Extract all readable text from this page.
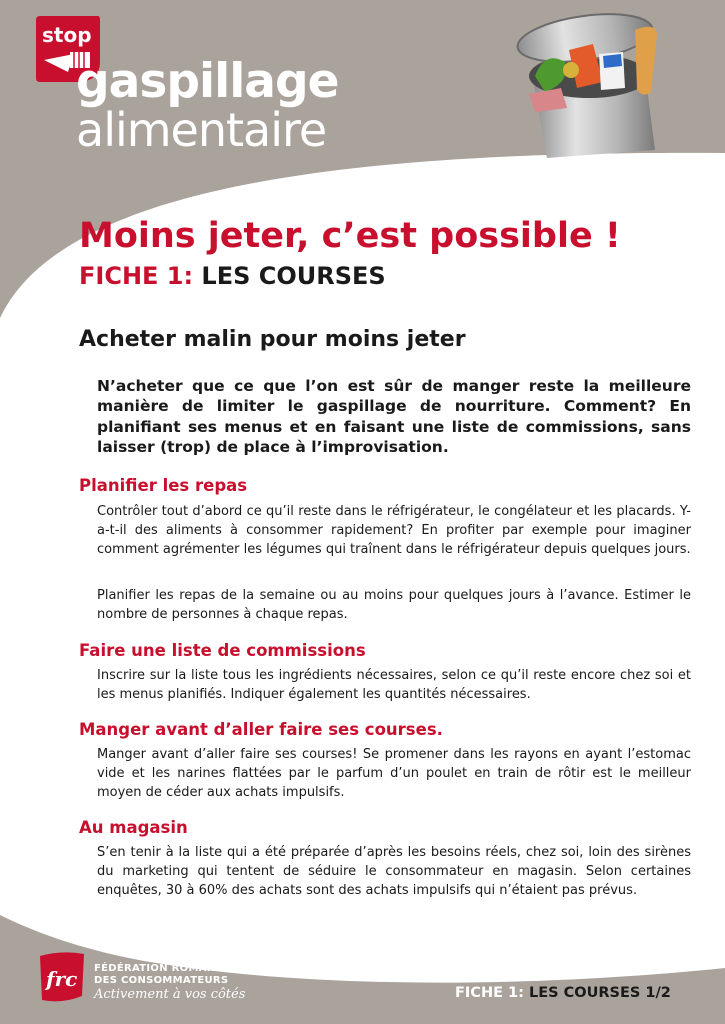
stop
gaspillage
alimentaire
Moins jeter, c’est possible !
FICHE 1: LES COURSES
Acheter malin pour moins jeter

N’acheter que ce que l’on est sûr de manger reste la meilleure manière de limiter le gaspillage de nourriture. Comment? En planifiant ses menus et en faisant une liste de commissions, sans laisser (trop) de place à l’improvisation.

Planifier les repas

Contrôler tout d’abord ce qu’il reste dans le réfrigérateur, le congélateur et les placards. Y-a-t-il des aliments à consommer rapidement? En profiter par exemple pour imaginer comment agrémenter les légumes qui traînent dans le réfrigérateur depuis quelques jours.

Planifier les repas de la semaine ou au moins pour quelques jours à l’avance. Estimer le nombre de personnes à chaque repas.

Faire une liste de commissions

Inscrire sur la liste tous les ingrédients nécessaires, selon ce qu’il reste encore chez soi et les menus planifiés. Indiquer également les quantités nécessaires.

Manger avant d’aller faire ses courses.

Manger avant d’aller faire ses courses! Se promener dans les rayons en ayant l’estomac vide et les narines flattées par le parfum d’un poulet en train de rôtir est le meilleur moyen de céder aux achats impulsifs.

Au magasin

S’en tenir à la liste qui a été préparée d’après les besoins réels, chez soi, loin des sirènes du marketing qui tentent de séduire le consommateur en magasin. Selon certaines enquêtes, 30 à 60% des achats sont des achats impulsifs qui n’étaient pas prévus.

frc FÉDÉRATION ROMANDE
DES CONSOMMATEURS
Activement à vos côtés	FICHE 1: LES COURSES 1/2
